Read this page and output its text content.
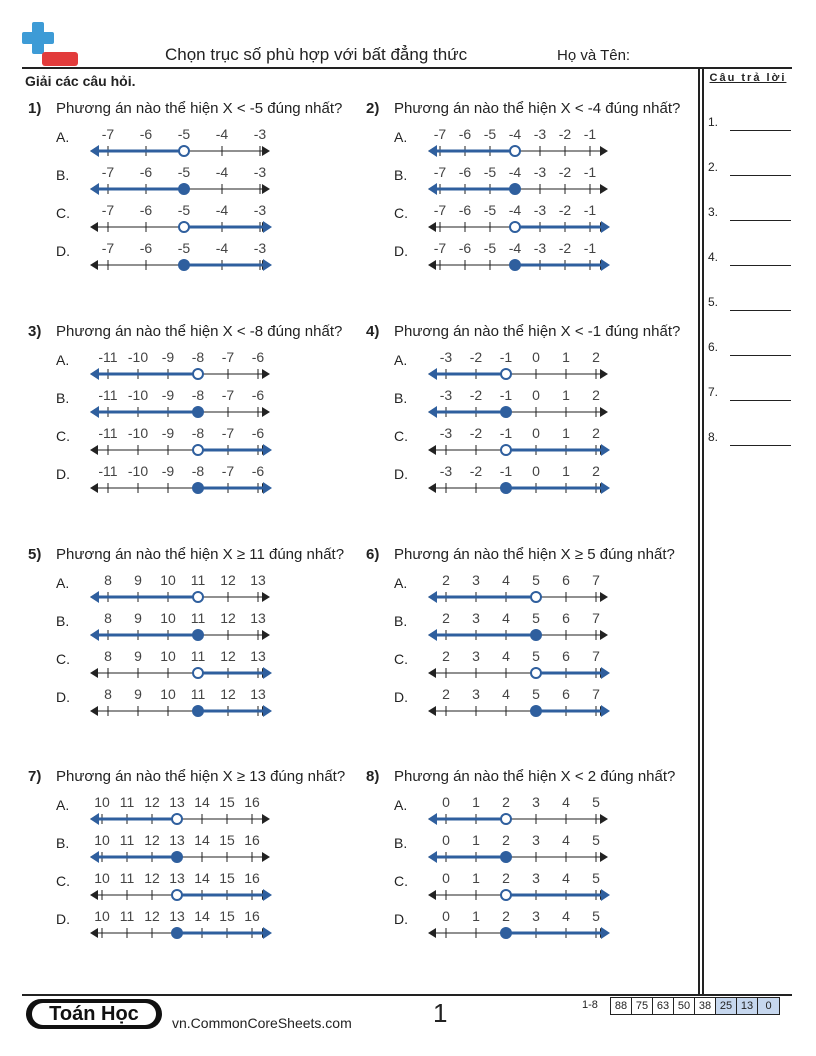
Chọn trục số phù hợp với bất đẳng thức	Họ và Tên:
Giải các câu hỏi.	Câu trả lời
1.
2.
3.
4.
5.
6.
7.
8.
1) Phương án nào thể hiện X < -5 đúng nhất?
A. -7 -6 -5 -4 -3
B. -7 -6 -5 -4 -3
C. -7 -6 -5 -4 -3
D. -7 -6 -5 -4 -3
2) Phương án nào thể hiện X < -4 đúng nhất?
A. -7 -6 -5 -4 -3 -2 -1
B. -7 -6 -5 -4 -3 -2 -1
C. -7 -6 -5 -4 -3 -2 -1
D. -7 -6 -5 -4 -3 -2 -1
3) Phương án nào thể hiện X < -8 đúng nhất?
A. -11 -10 -9 -8 -7 -6
B. -11 -10 -9 -8 -7 -6
C. -11 -10 -9 -8 -7 -6
D. -11 -10 -9 -8 -7 -6
4) Phương án nào thể hiện X < -1 đúng nhất?
A. -3 -2 -1 0 1 2
B. -3 -2 -1 0 1 2
C. -3 -2 -1 0 1 2
D. -3 -2 -1 0 1 2
5) Phương án nào thể hiện X ≥ 11 đúng nhất?
A. 8 9 10 11 12 13
B. 8 9 10 11 12 13
C. 8 9 10 11 12 13
D. 8 9 10 11 12 13
6) Phương án nào thể hiện X ≥ 5 đúng nhất?
A. 2 3 4 5 6 7
B. 2 3 4 5 6 7
C. 2 3 4 5 6 7
D. 2 3 4 5 6 7
7) Phương án nào thể hiện X ≥ 13 đúng nhất?
A. 10 11 12 13 14 15 16
B. 10 11 12 13 14 15 16
C. 10 11 12 13 14 15 16
D. 10 11 12 13 14 15 16
8) Phương án nào thể hiện X < 2 đúng nhất?
A. 0 1 2 3 4 5
B. 0 1 2 3 4 5
C. 0 1 2 3 4 5
D. 0 1 2 3 4 5
Toán Học	vn.CommonCoreSheets.com	1	1-8	88 75 63 50 38 25 13	0
